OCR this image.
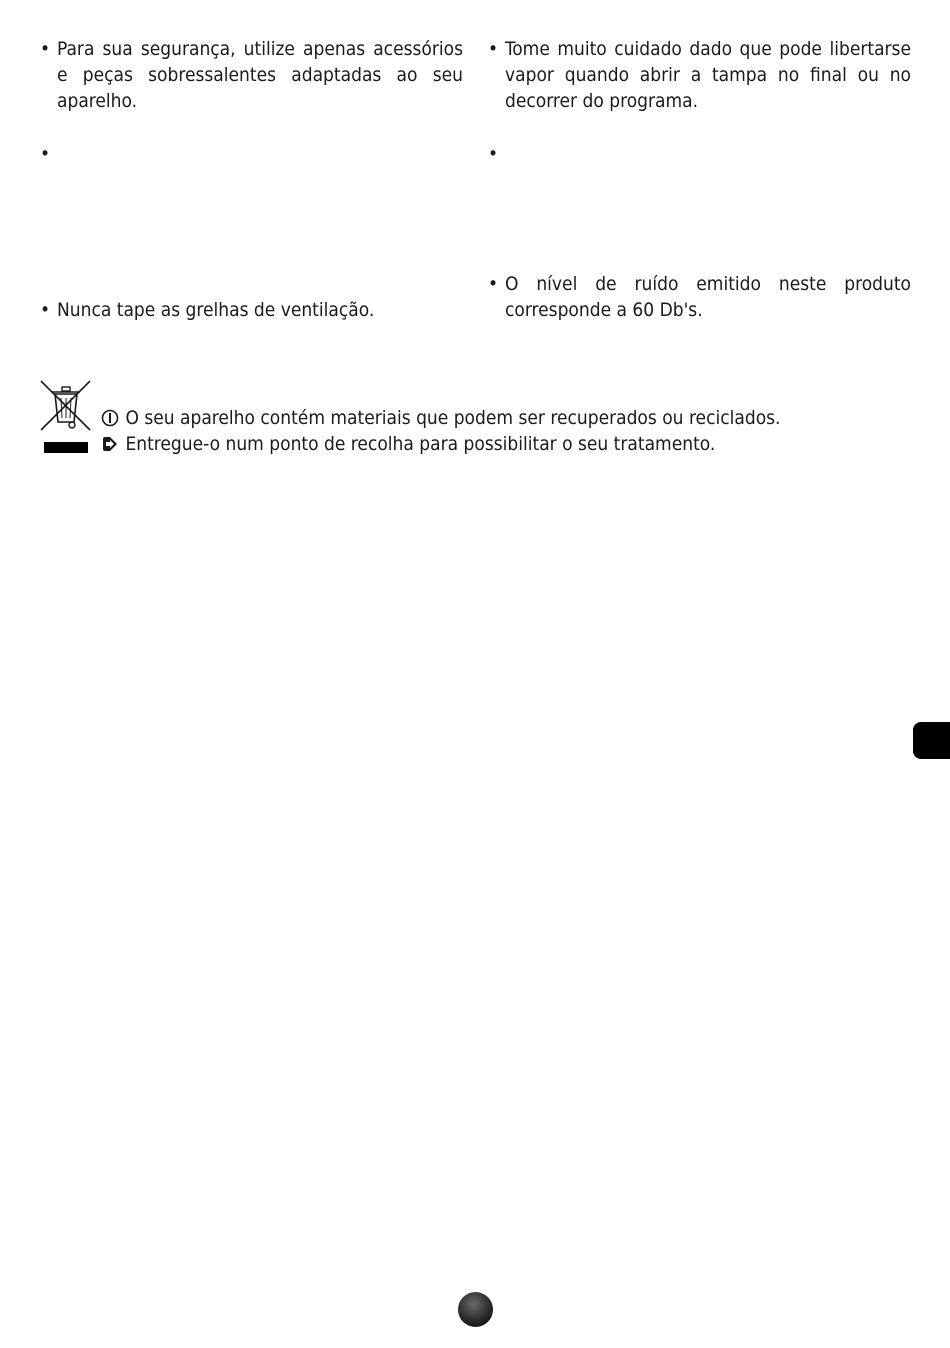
• Para sua segurança, utilize apenas acessórios e peças sobressalentes adaptadas ao seu aparelho.
•
• Nunca tape as grelhas de ventilação.
• Tome muito cuidado dado que pode libertarse vapor quando abrir a tampa no final ou no decorrer do programa.
•
• O nível de ruído emitido neste produto corresponde a 60 Db's.
O seu aparelho contém materiais que podem ser recuperados ou reciclados.
Entregue-o num ponto de recolha para possibilitar o seu tratamento.
